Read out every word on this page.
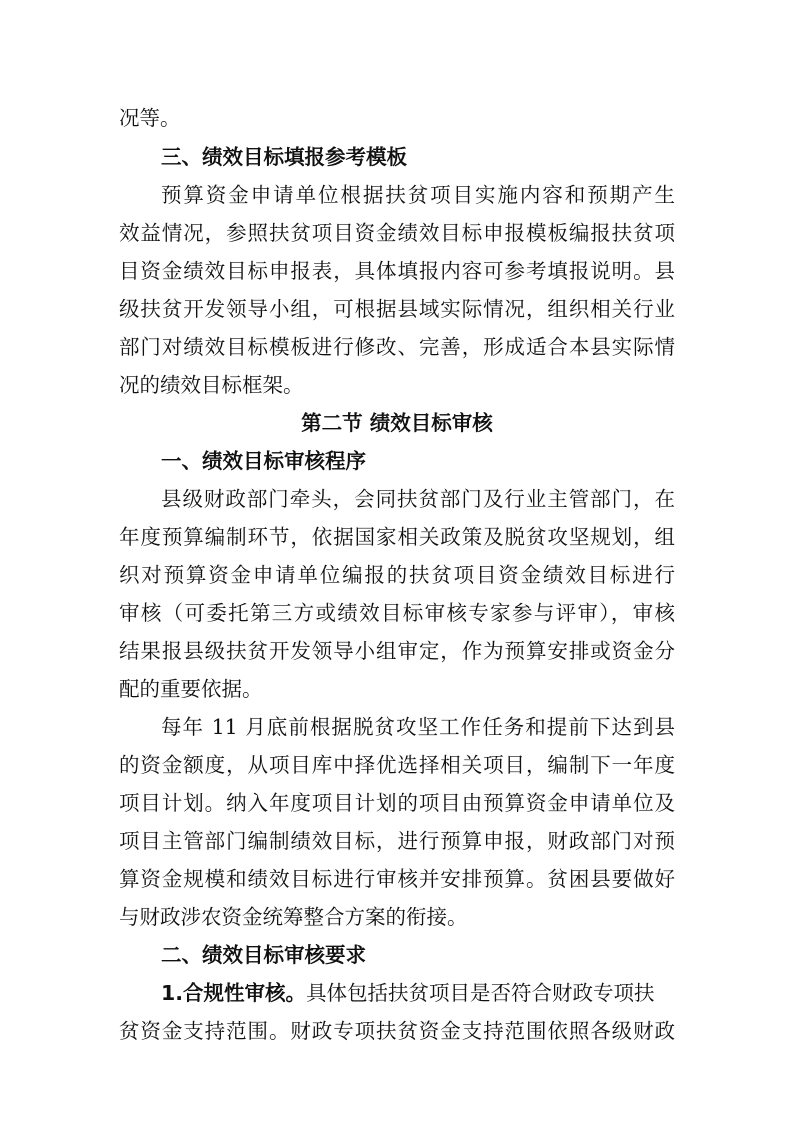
况等。
三、绩效目标填报参考模板
预算资金申请单位根据扶贫项目实施内容和预期产生
效益情况，参照扶贫项目资金绩效目标申报模板编报扶贫项
目资金绩效目标申报表，具体填报内容可参考填报说明。县
级扶贫开发领导小组，可根据县域实际情况，组织相关行业
部门对绩效目标模板进行修改、完善，形成适合本县实际情
况的绩效目标框架。
第二节 绩效目标审核
一、绩效目标审核程序
县级财政部门牵头，会同扶贫部门及行业主管部门，在
年度预算编制环节，依据国家相关政策及脱贫攻坚规划，组
织对预算资金申请单位编报的扶贫项目资金绩效目标进行
审核（可委托第三方或绩效目标审核专家参与评审），审核
结果报县级扶贫开发领导小组审定，作为预算安排或资金分
配的重要依据。
每年 11 月底前根据脱贫攻坚工作任务和提前下达到县
的资金额度，从项目库中择优选择相关项目，编制下一年度
项目计划。纳入年度项目计划的项目由预算资金申请单位及
项目主管部门编制绩效目标，进行预算申报，财政部门对预
算资金规模和绩效目标进行审核并安排预算。贫困县要做好
与财政涉农资金统筹整合方案的衔接。
二、绩效目标审核要求
1.合规性审核。具体包括扶贫项目是否符合财政专项扶
贫资金支持范围。财政专项扶贫资金支持范围依照各级财政
